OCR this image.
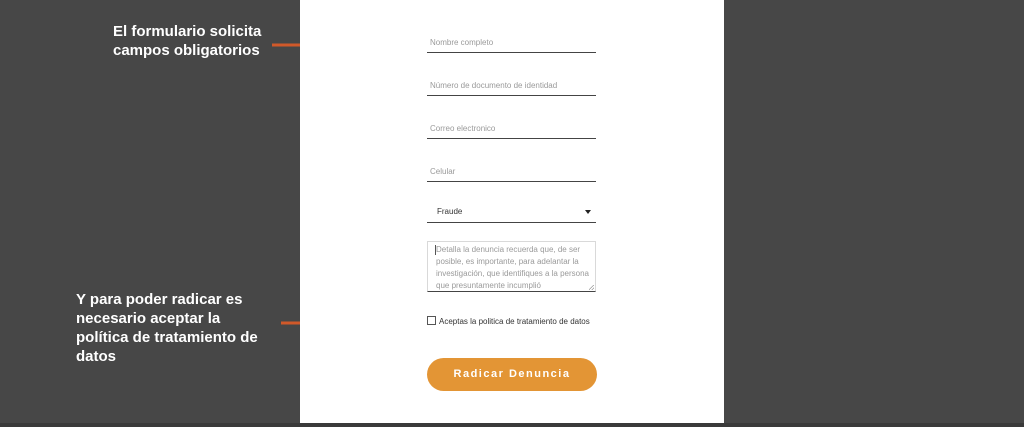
El formulario solicita campos obligatorios
Y para poder radicar es necesario aceptar la política de tratamiento de datos
Nombre completo
Número de documento de identidad
Correo electronico
Celular
Fraude
Detalla la denuncia recuerda que, de ser posible, es importante, para adelantar la investigación, que identifiques a la persona que presuntamente incumplió
Aceptas la politica de tratamiento de datos
Radicar Denuncia
